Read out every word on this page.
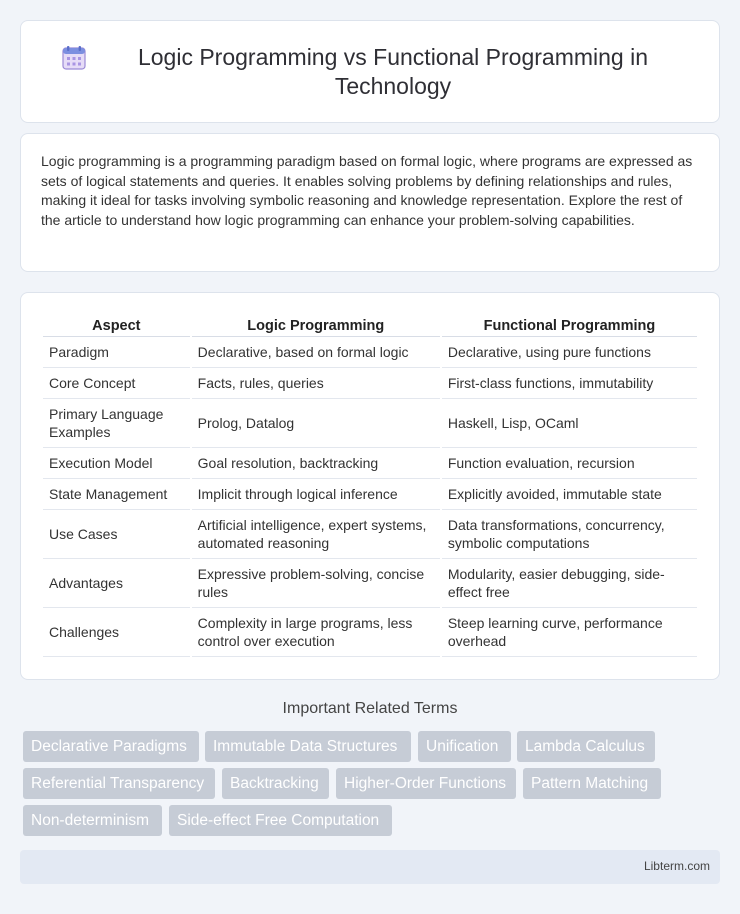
Logic Programming vs Functional Programming in Technology

Logic programming is a programming paradigm based on formal logic, where programs are expressed as sets of logical statements and queries. It enables solving problems by defining relationships and rules, making it ideal for tasks involving symbolic reasoning and knowledge representation. Explore the rest of the article to understand how logic programming can enhance your problem-solving capabilities.

Aspect	Logic Programming	Functional Programming
Paradigm	Declarative, based on formal logic	Declarative, using pure functions
Core Concept	Facts, rules, queries	First-class functions, immutability
Primary Language Examples	Prolog, Datalog	Haskell, Lisp, OCaml
Execution Model	Goal resolution, backtracking	Function evaluation, recursion
State Management	Implicit through logical inference	Explicitly avoided, immutable state
Use Cases	Artificial intelligence, expert systems, automated reasoning	Data transformations, concurrency, symbolic computations
Advantages	Expressive problem-solving, concise rules	Modularity, easier debugging, side-effect free
Challenges	Complexity in large programs, less control over execution	Steep learning curve, performance overhead
Important Related Terms
Declarative Paradigms	Immutable Data Structures	Unification	Lambda Calculus
Referential Transparency	Backtracking	Higher-Order Functions	Pattern Matching
Non-determinism	Side-effect Free Computation
Libterm.com
